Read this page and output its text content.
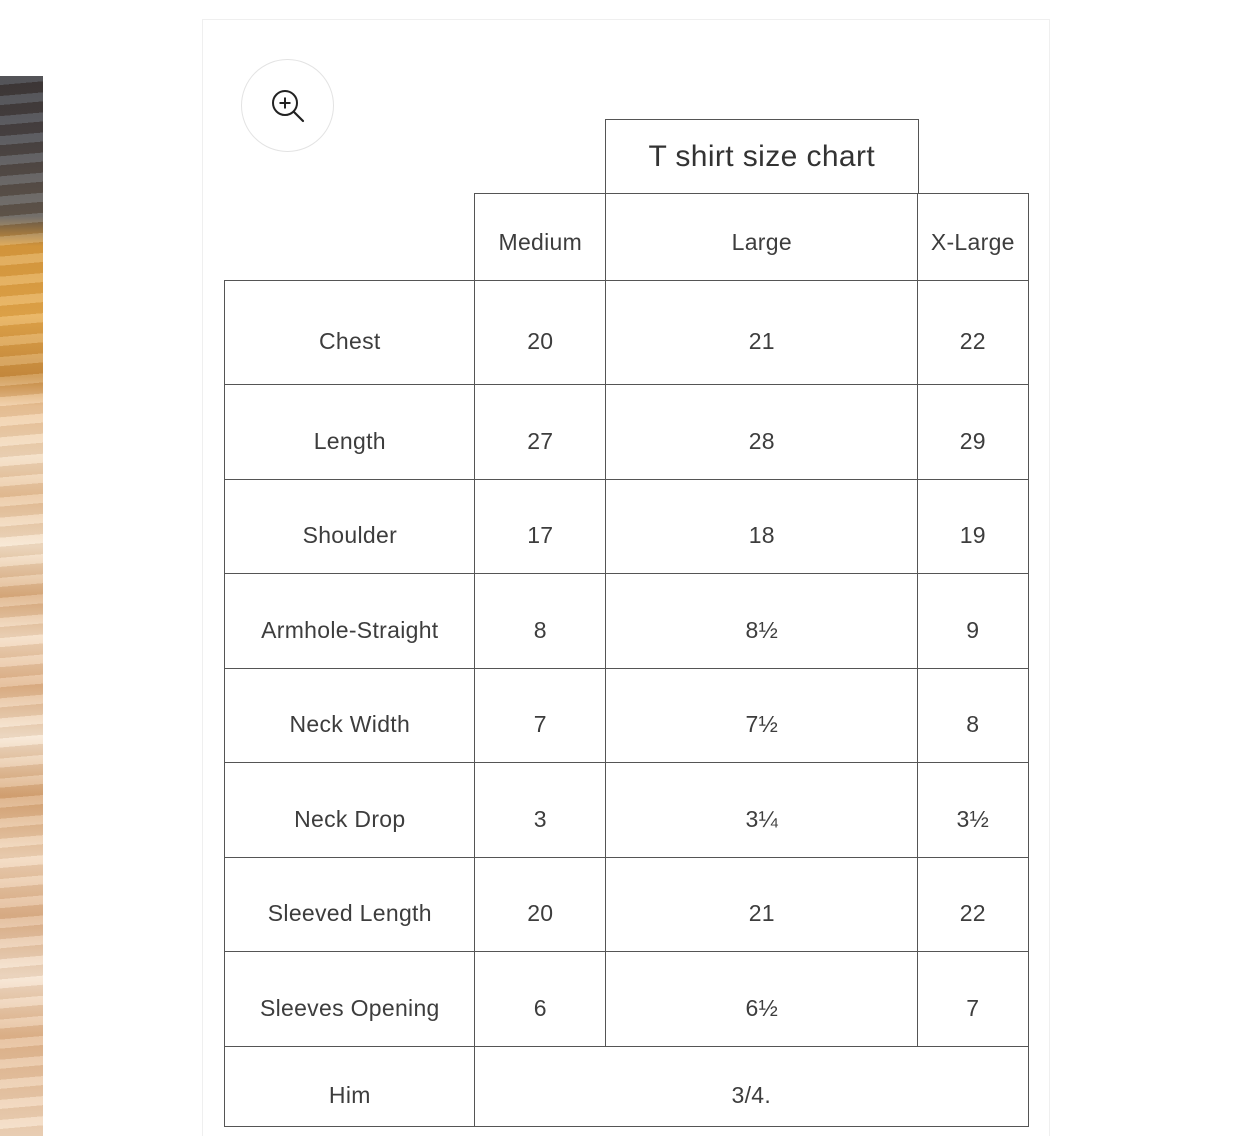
T shirt size chart
Medium	Large	X-Large
Chest	20	21	22
Length	27	28	29
Shoulder	17	18	19
Armhole-Straight	8	8½	9
Neck Width	7	7½	8
Neck Drop	3	3¼	3½
Sleeved Length	20	21	22
Sleeves Opening	6	6½	7
Him	3/4.
